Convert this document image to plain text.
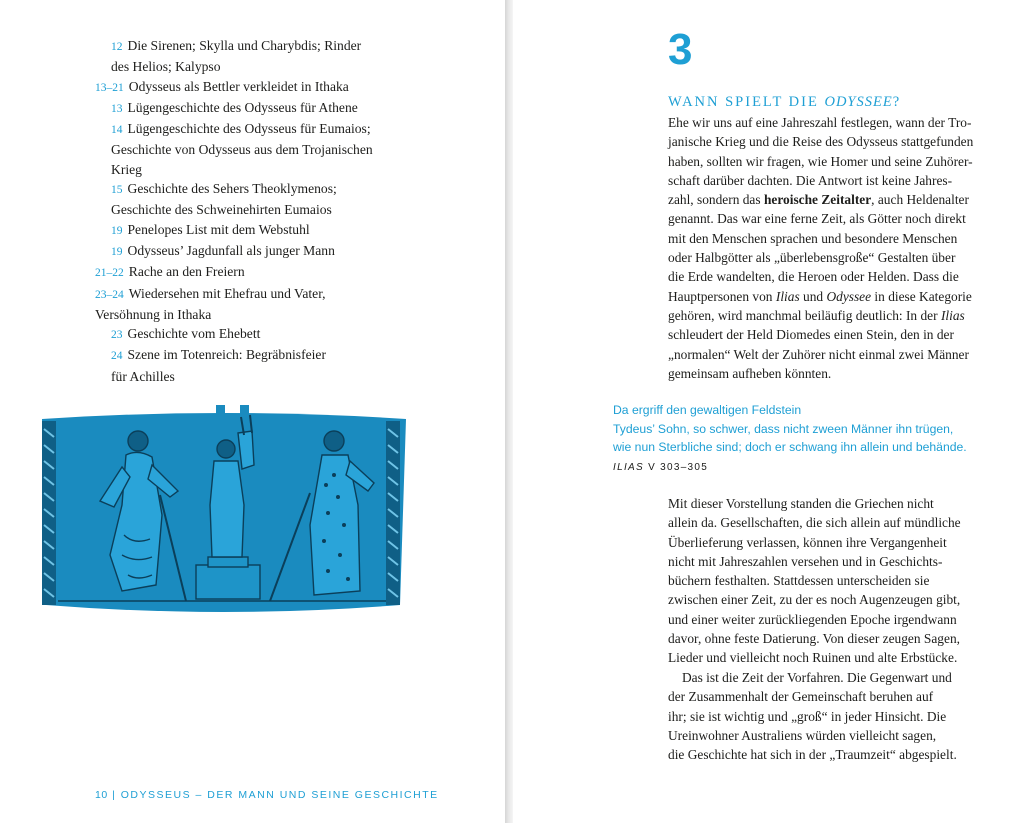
12 Die Sirenen; Skylla und Charybdis; Rinder
des Helios; Kalypso
13–21 Odysseus als Bettler verkleidet in Ithaka
13 Lügengeschichte des Odysseus für Athene
14 Lügengeschichte des Odysseus für Eumaios;
Geschichte von Odysseus aus dem Trojanischen
Krieg
15 Geschichte des Sehers Theoklymenos;
Geschichte des Schweinehirten Eumaios
19 Penelopes List mit dem Webstuhl
19 Odysseus’ Jagdunfall als junger Mann
21–22 Rache an den Freiern
23–24 Wiedersehen mit Ehefrau und Vater,
Versöhnung in Ithaka
23 Geschichte vom Ehebett
24 Szene im Totenreich: Begräbnisfeier
für Achilles
10 | ODYSSEUS – DER MANN UND SEINE GESCHICHTE
3
WANN SPIELT DIE ODYSSEE?
Ehe wir uns auf eine Jahreszahl festlegen, wann der Tro-
janische Krieg und die Reise des Odysseus stattgefunden
haben, sollten wir fragen, wie Homer und seine Zuhörer-
schaft darüber dachten. Die Antwort ist keine Jahres-
zahl, sondern das heroische Zeitalter, auch Heldenalter
genannt. Das war eine ferne Zeit, als Götter noch direkt
mit den Menschen sprachen und besondere Menschen
oder Halbgötter als „überlebensgroße“ Gestalten über
die Erde wandelten, die Heroen oder Helden. Dass die
Hauptpersonen von Ilias und Odyssee in diese Kategorie
gehören, wird manchmal beiläufig deutlich: In der Ilias
schleudert der Held Diomedes einen Stein, den in der
„normalen“ Welt der Zuhörer nicht einmal zwei Männer
gemeinsam aufheben könnten.
Da ergriff den gewaltigen Feldstein
Tydeus’ Sohn, so schwer, dass nicht zween Männer ihn trügen,
wie nun Sterbliche sind; doch er schwang ihn allein und behände.
ILIAS V 303–305
Mit dieser Vorstellung standen die Griechen nicht
allein da. Gesellschaften, die sich allein auf mündliche
Überlieferung verlassen, können ihre Vergangenheit
nicht mit Jahreszahlen versehen und in Geschichts-
büchern festhalten. Stattdessen unterscheiden sie
zwischen einer Zeit, zu der es noch Augenzeugen gibt,
und einer weiter zurückliegenden Epoche irgendwann
davor, ohne feste Datierung. Von dieser zeugen Sagen,
Lieder und vielleicht noch Ruinen und alte Erbstücke.
Das ist die Zeit der Vorfahren. Die Gegenwart und
der Zusammenhalt der Gemeinschaft beruhen auf
ihr; sie ist wichtig und „groß“ in jeder Hinsicht. Die
Ureinwohner Australiens würden vielleicht sagen,
die Geschichte hat sich in der „Traumzeit“ abgespielt.
